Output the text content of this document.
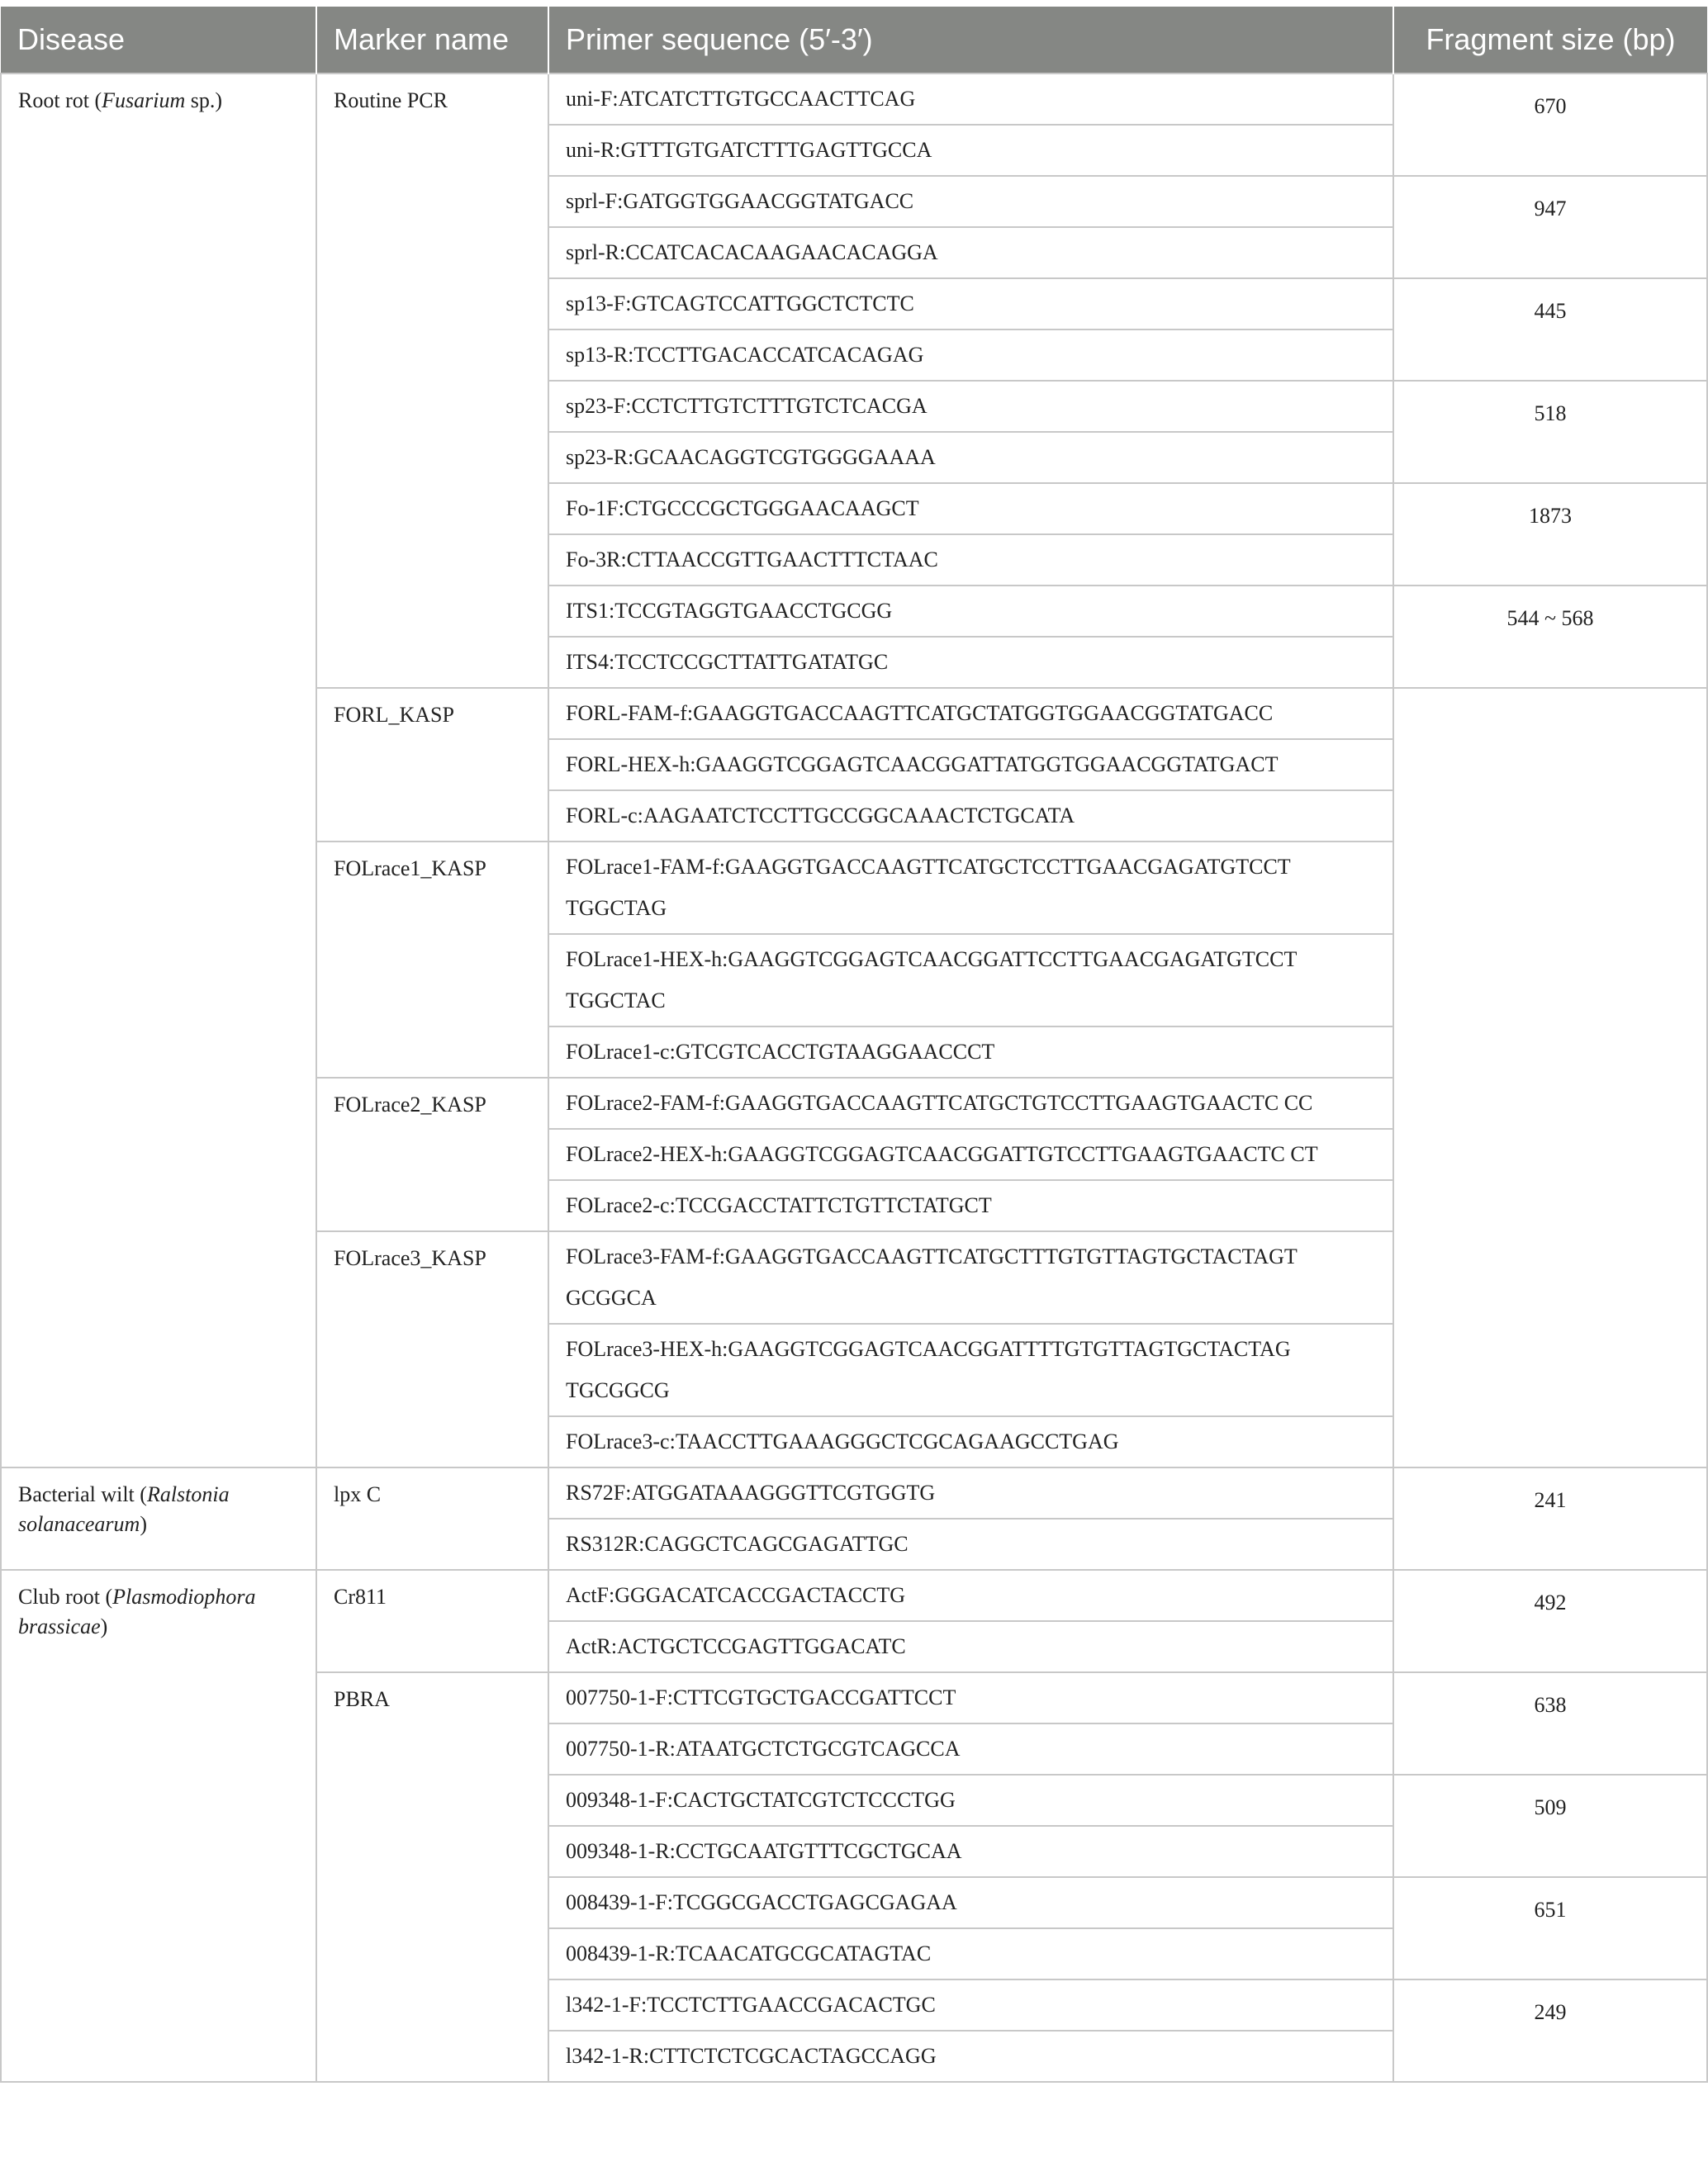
Disease	Marker name	Primer sequence (5′-3′)	Fragment size (bp)
Root rot (Fusarium sp.)	Routine PCR	uni-F:ATCATCTTGTGCCAACTTCAG	670
		uni-R:GTTTGTGATCTTTGAGTTGCCA	
		sprl-F:GATGGTGGAACGGTATGACC	947
		sprl-R:CCATCACACAAGAACACAGGA	
		sp13-F:GTCAGTCCATTGGCTCTCTC	445
		sp13-R:TCCTTGACACCATCACAGAG	
		sp23-F:CCTCTTGTCTTTGTCTCACGA	518
		sp23-R:GCAACAGGTCGTGGGGAAAA	
		Fo-1F:CTGCCCGCTGGGAACAAGCT	1873
		Fo-3R:CTTAACCGTTGAACTTTCTAAC	
		ITS1:TCCGTAGGTGAACCTGCGG	544 ~ 568
		ITS4:TCCTCCGCTTATTGATATGC	
	FORL_KASP	FORL-FAM-f:GAAGGTGACCAAGTTCATGCTATGGTGGAACGGTATGACC	
		FORL-HEX-h:GAAGGTCGGAGTCAACGGATTATGGTGGAACGGTATGACT	
		FORL-c:AAGAATCTCCTTGCCGGCAAACTCTGCATA	
	FOLrace1_KASP	FOLrace1-FAM-f:GAAGGTGACCAAGTTCATGCTCCTTGAACGAGATGTCCT TGGCTAG	
		FOLrace1-HEX-h:GAAGGTCGGAGTCAACGGATTCCTTGAACGAGATGTCCT TGGCTAC	
		FOLrace1-c:GTCGTCACCTGTAAGGAACCCT	
	FOLrace2_KASP	FOLrace2-FAM-f:GAAGGTGACCAAGTTCATGCTGTCCTTGAAGTGAACTC CC	
		FOLrace2-HEX-h:GAAGGTCGGAGTCAACGGATTGTCCTTGAAGTGAACTC CT	
		FOLrace2-c:TCCGACCTATTCTGTTCTATGCT	
	FOLrace3_KASP	FOLrace3-FAM-f:GAAGGTGACCAAGTTCATGCTTTGTGTTAGTGCTACTAGT GCGGCA	
		FOLrace3-HEX-h:GAAGGTCGGAGTCAACGGATTTTGTGTTAGTGCTACTAG TGCGGCG	
		FOLrace3-c:TAACCTTGAAAGGGCTCGCAGAAGCCTGAG	
Bacterial wilt (Ralstonia solanacearum)	lpx C	RS72F:ATGGATAAAGGGTTCGTGGTG	241
		RS312R:CAGGCTCAGCGAGATTGC	
Club root (Plasmodiophora brassicae)	Cr811	ActF:GGGACATCACCGACTACCTG	492
		ActR:ACTGCTCCGAGTTGGACATC	
	PBRA	007750-1-F:CTTCGTGCTGACCGATTCCT	638
		007750-1-R:ATAATGCTCTGCGTCAGCCA	
		009348-1-F:CACTGCTATCGTCTCCCTGG	509
		009348-1-R:CCTGCAATGTTTCGCTGCAA	
		008439-1-F:TCGGCGACCTGAGCGAGAA	651
		008439-1-R:TCAACATGCGCATAGTAC	
		l342-1-F:TCCTCTTGAACCGACACTGC	249
		l342-1-R:CTTCTCTCGCACTAGCCAGG	
